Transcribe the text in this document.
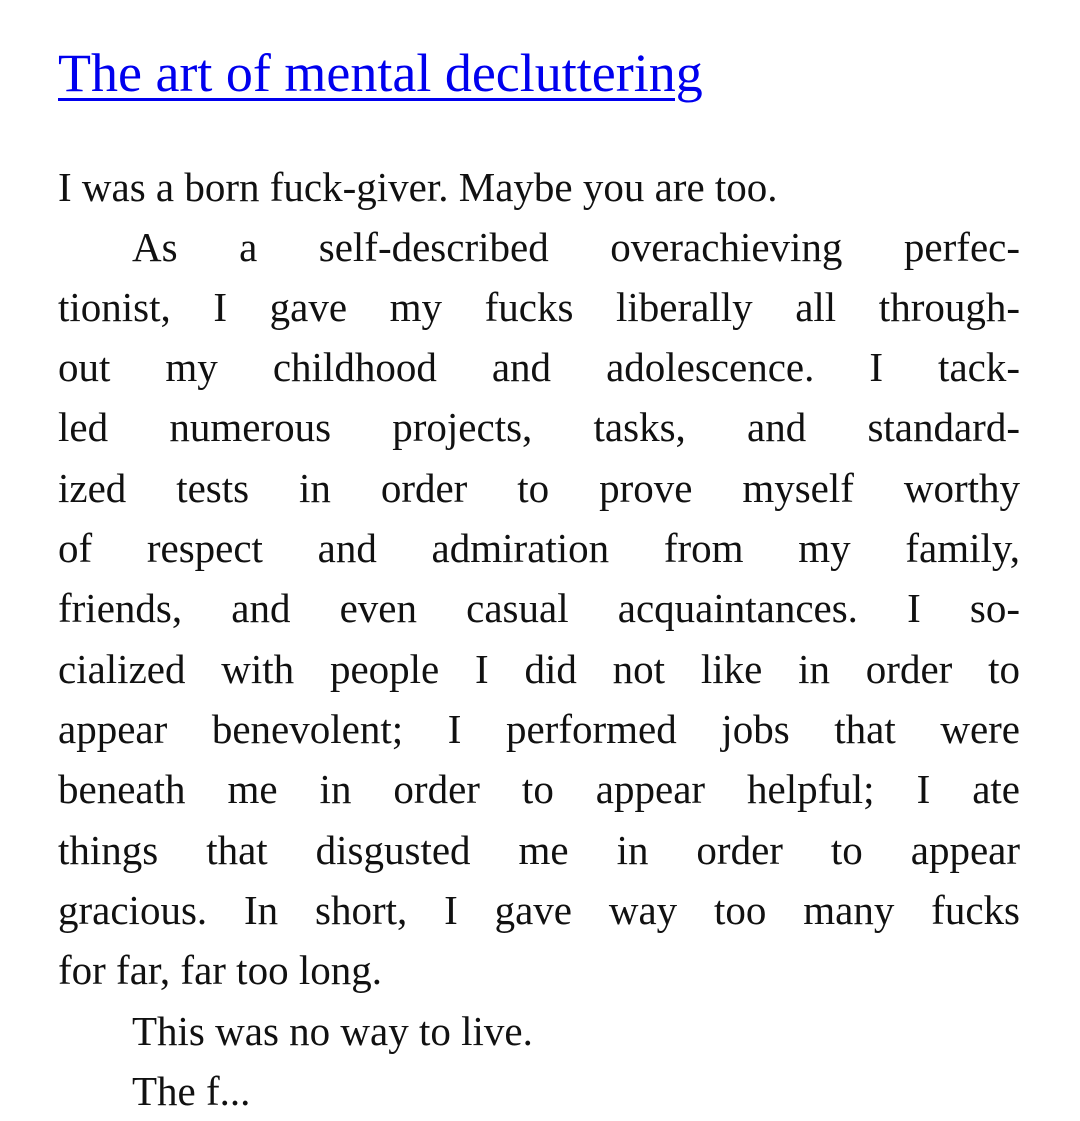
The art of mental decluttering
I was a born fuck-giver. Maybe you are too.
As a self-described overachieving perfec-
tionist, I gave my fucks liberally all through-
out my childhood and adolescence. I tack-
led numerous projects, tasks, and standard-
ized tests in order to prove myself worthy
of respect and admiration from my family,
friends, and even casual acquaintances. I so-
cialized with people I did not like in order to
appear benevolent; I performed jobs that were
beneath me in order to appear helpful; I ate
things that disgusted me in order to appear
gracious. In short, I gave way too many fucks
for far, far too long.
This was no way to live.
The f...
